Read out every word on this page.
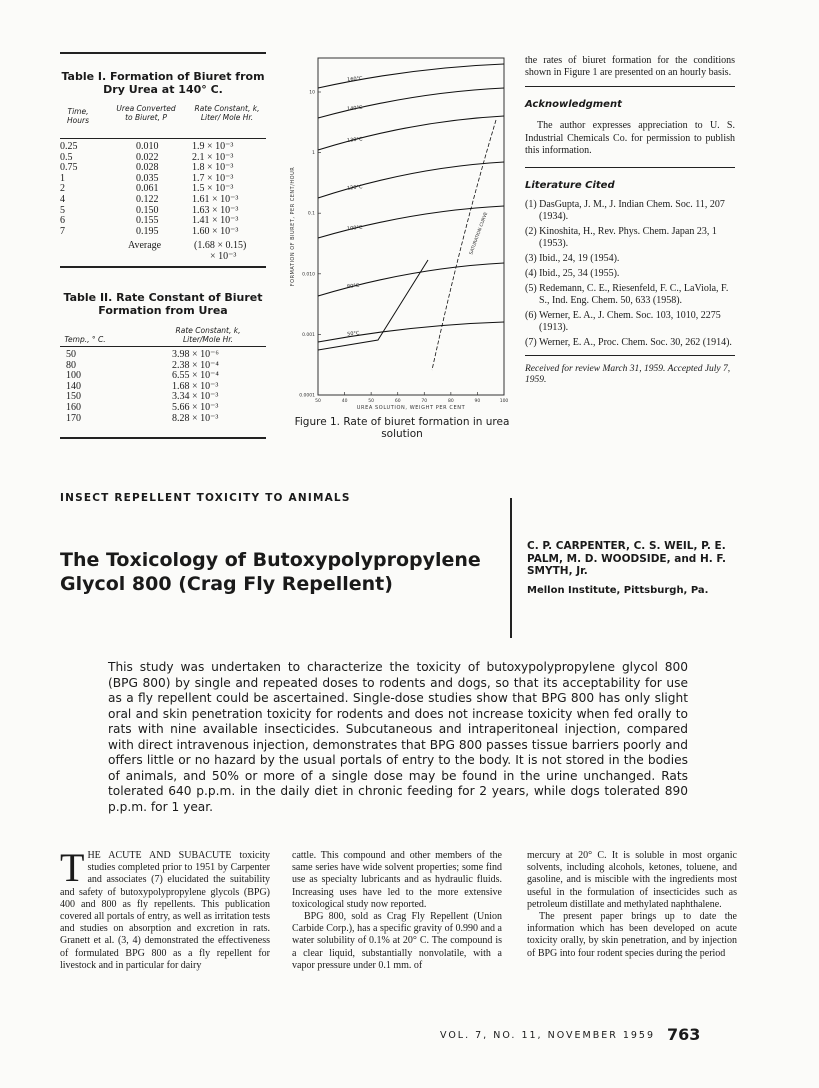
Table I. Formation of Biuret from Dry Urea at 140° C.
Time, Hours
Urea Converted to Biuret, P
Rate Constant, k, Liter/ Mole Hr.
0.25	0.010	1.9 × 10⁻³
0.5	0.022	2.1 × 10⁻³
0.75	0.028	1.8 × 10⁻³
1	0.035	1.7 × 10⁻³
2	0.061	1.5 × 10⁻³
4	0.122	1.61 × 10⁻³
5	0.150	1.63 × 10⁻³
6	0.155	1.41 × 10⁻³
7	0.195	1.60 × 10⁻³
Average	(1.68 × 0.15)
× 10⁻³
Table II. Rate Constant of Biuret Formation from Urea
Temp., ° C.
Rate Constant, k, Liter/Mole Hr.
50	3.98 × 10⁻⁶
80	2.38 × 10⁻⁴
100	6.55 × 10⁻⁴
140	1.68 × 10⁻³
150	3.34 × 10⁻³
160	5.66 × 10⁻³
170	8.28 × 10⁻³
50	40	50	60	70	80	90	100
10
1
0.1
0.010
0.001
0.0001
UREA SOLUTION, WEIGHT PER CENT
FORMATION OF BIURET, PER CENT/HOUR
160°C
140°C
130°C
120°C
100°C
80°C
50°C
SATURATION CURVE
Figure 1. Rate of biuret formation in urea solution

the rates of biuret formation for the conditions shown in Figure 1 are presented on an hourly basis.

Acknowledgment

The author expresses appreciation to U. S. Industrial Chemicals Co. for permission to publish this information.

Literature Cited

(1) DasGupta, J. M., J. Indian Chem. Soc. 11, 207 (1934).

(2) Kinoshita, H., Rev. Phys. Chem. Japan 23, 1 (1953).

(3) Ibid., 24, 19 (1954).

(4) Ibid., 25, 34 (1955).

(5) Redemann, C. E., Riesenfeld, F. C., LaViola, F. S., Ind. Eng. Chem. 50, 633 (1958).

(6) Werner, E. A., J. Chem. Soc. 103, 1010, 2275 (1913).

(7) Werner, E. A., Proc. Chem. Soc. 30, 262 (1914).

Received for review March 31, 1959. Accepted July 7, 1959.

INSECT REPELLENT TOXICITY TO ANIMALS
The Toxicology of Butoxypolypropylene
Glycol 800 (Crag Fly Repellent)
C. P. CARPENTER, C. S. WEIL, P. E. PALM, M. D. WOODSIDE, and H. F. SMYTH, Jr.
Mellon Institute, Pittsburgh, Pa.
This study was undertaken to characterize the toxicity of butoxypolypropylene glycol 800 (BPG 800) by single and repeated doses to rodents and dogs, so that its acceptability for use as a fly repellent could be ascertained. Single-dose studies show that BPG 800 has only slight oral and skin penetration toxicity for rodents and does not increase toxicity when fed orally to rats with nine available insecticides. Subcutaneous and intraperitoneal injection, compared with direct intravenous injection, demonstrates that BPG 800 passes tissue barriers poorly and offers little or no hazard by the usual portals of entry to the body. It is not stored in the bodies of animals, and 50% or more of a single dose may be found in the urine unchanged. Rats tolerated 640 p.p.m. in the daily diet in chronic feeding for 2 years, while dogs tolerated 890 p.p.m. for 1 year.
THE ACUTE AND SUBACUTE toxicity studies completed prior to 1951 by Carpenter and associates (7) elucidated the suitability and safety of butoxypolypropylene glycols (BPG) 400 and 800 as fly repellents. This publication covered all portals of entry, as well as irritation tests and studies on absorption and excretion in rats. Granett et al. (3, 4) demonstrated the effectiveness of formulated BPG 800 as a fly repellent for livestock and in particular for dairy

cattle. This compound and other members of the same series have wide solvent properties; some find use as specialty lubricants and as hydraulic fluids. Increasing uses have led to the more extensive toxicological study now reported.

BPG 800, sold as Crag Fly Repellent (Union Carbide Corp.), has a specific gravity of 0.990 and a water solubility of 0.1% at 20° C. The compound is a clear liquid, substantially nonvolatile, with a vapor pressure under 0.1 mm. of

mercury at 20° C. It is soluble in most organic solvents, including alcohols, ketones, toluene, and gasoline, and is miscible with the ingredients most useful in the formulation of insecticides such as petroleum distillate and methylated naphthalene.

The present paper brings up to date the information which has been developed on acute toxicity orally, by skin penetration, and by injection of BPG into four rodent species during the period

VOL. 7, NO. 11, NOVEMBER 1959 763
